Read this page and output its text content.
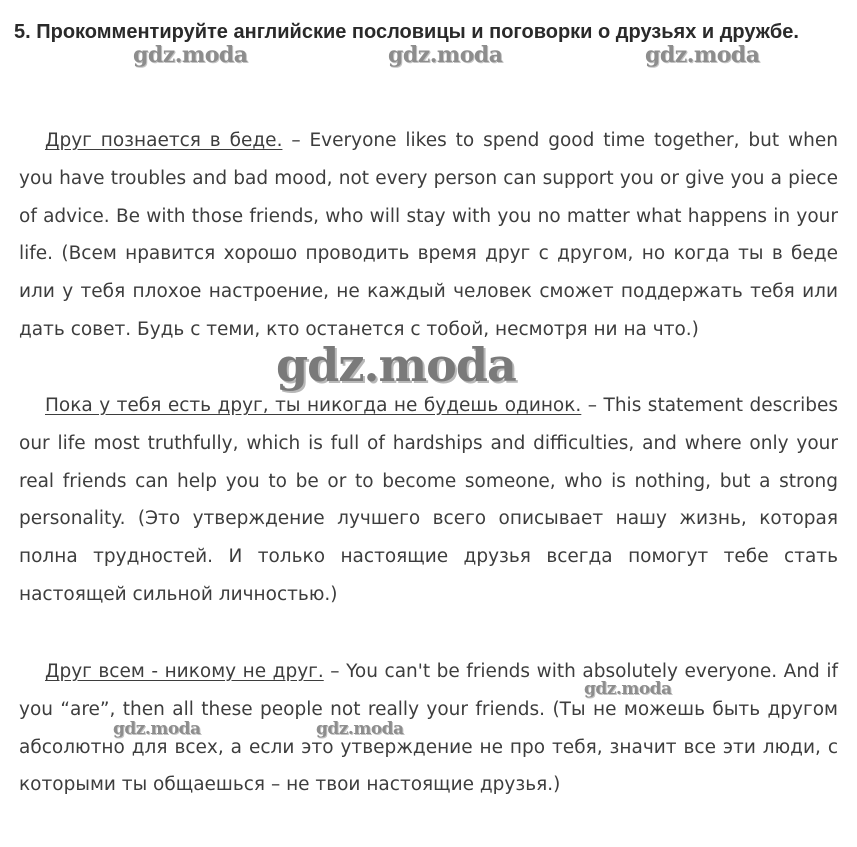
5. Прокомментируйте английские пословицы и поговорки о друзьях и дружбе.

Друг познается в беде. – Everyone likes to spend good time together, but when you have troubles and bad mood, not every person can support you or give you a piece of advice. Be with those friends, who will stay with you no matter what happens in your life. (Всем нравится хорошо проводить время друг с другом, но когда ты в беде или у тебя плохое настроение, не каждый человек сможет поддержать тебя или дать совет. Будь с теми, кто останется с тобой, несмотря ни на что.)

Пока у тебя есть друг, ты никогда не будешь одинок. – This statement describes our life most truthfully, which is full of hardships and difficulties, and where only your real friends can help you to be or to become someone, who is nothing, but a strong personality. (Это утверждение лучшего всего описывает нашу жизнь, которая полна трудностей. И только настоящие друзья всегда помогут тебе стать настоящей сильной личностью.)

Друг всем - никому не друг. – You can't be friends with absolutely everyone. And if you “are”, then all these people not really your friends. (Ты не можешь быть другом абсолютно для всех, а если это утверждение не про тебя, значит все эти люди, с которыми ты общаешься – не твои настоящие друзья.)

gdz.moda	gdz.moda	gdz.moda
gdz.moda
gdz.moda
gdz.moda	gdz.moda
